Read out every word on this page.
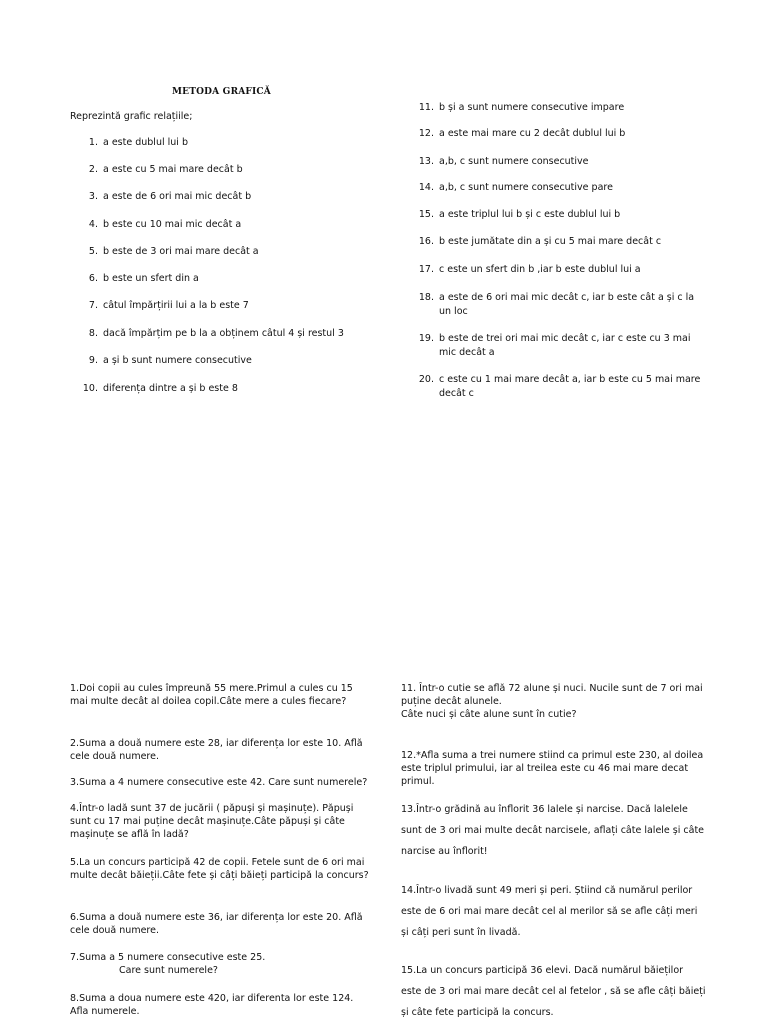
METODA GRAFICĂ
Reprezintă grafic relațiile;
1. a este dublul lui b
2. a este cu 5 mai mare decât b
3. a este de 6 ori mai mic decât b
4. b este cu 10 mai mic decât a
5. b este de 3 ori mai mare decât a
6. b este un sfert din a
7. câtul împărțirii lui a la b este 7
8. dacă împărțim pe b la a obținem câtul 4 și restul 3
9. a și b sunt numere consecutive
10. diferența dintre a și b este 8
11. b și a sunt numere consecutive impare
12. a este mai mare cu 2 decât dublul lui b
13. a,b, c sunt numere consecutive
14. a,b, c sunt numere consecutive pare
15. a este triplul lui b și c este dublul lui b
16. b este jumătate din a și cu 5 mai mare decât c
17. c este un sfert din b ,iar b este dublul lui a
18. a este de 6 ori mai mic decât c, iar b este cât a și c la un loc
19. b este de trei ori mai mic decât c, iar c este cu 3 mai mic decât a
20. c este cu 1 mai mare decât a, iar b este cu 5 mai mare decât c
1.Doi copii au cules împreună 55 mere.Primul a cules cu 15 mai multe decât al doilea copil.Câte mere a cules fiecare?
2.Suma a două numere este 28, iar diferența lor este 10. Află cele două numere.
3.Suma a 4 numere consecutive este 42. Care sunt numerele?
4.Într-o ladă sunt 37 de jucării ( păpuși și mașinuțe). Păpuși sunt cu 17 mai puține decât mașinuțe.Câte păpuși și câte mașinuțe se află în ladă?
5.La un concurs participă 42 de copii. Fetele sunt de 6 ori mai multe decât băieții.Câte fete și câți băieți participă la concurs?
6.Suma a două numere este 36, iar diferența lor este 20. Află cele două numere.
7.Suma a 5 numere consecutive este 25.
Care sunt numerele?
8.Suma a doua numere este 420, iar diferenta lor este 124. Afla numerele.
11. Într-o cutie se află 72 alune și nuci. Nucile sunt de 7 ori mai puține decât alunele.
Câte nuci și câte alune sunt în cutie?
12.*Afla suma a trei numere stiind ca primul este 230, al doilea este triplul primului, iar al treilea este cu 46 mai mare decat primul.
13.Într-o grădină au înflorit 36 lalele și narcise. Dacă lalelele sunt de 3 ori mai multe decât narcisele, aflați câte lalele și câte narcise au înflorit!
14.Într-o livadă sunt 49 meri și peri. Știind că numărul perilor este de 6 ori mai mare decât cel al merilor să se afle câți meri și câți peri sunt în livadă.
15.La un concurs participă 36 elevi. Dacă numărul băieților este de 3 ori mai mare decât cel al fetelor , să se afle câți băieți și câte fete participă la concurs.
